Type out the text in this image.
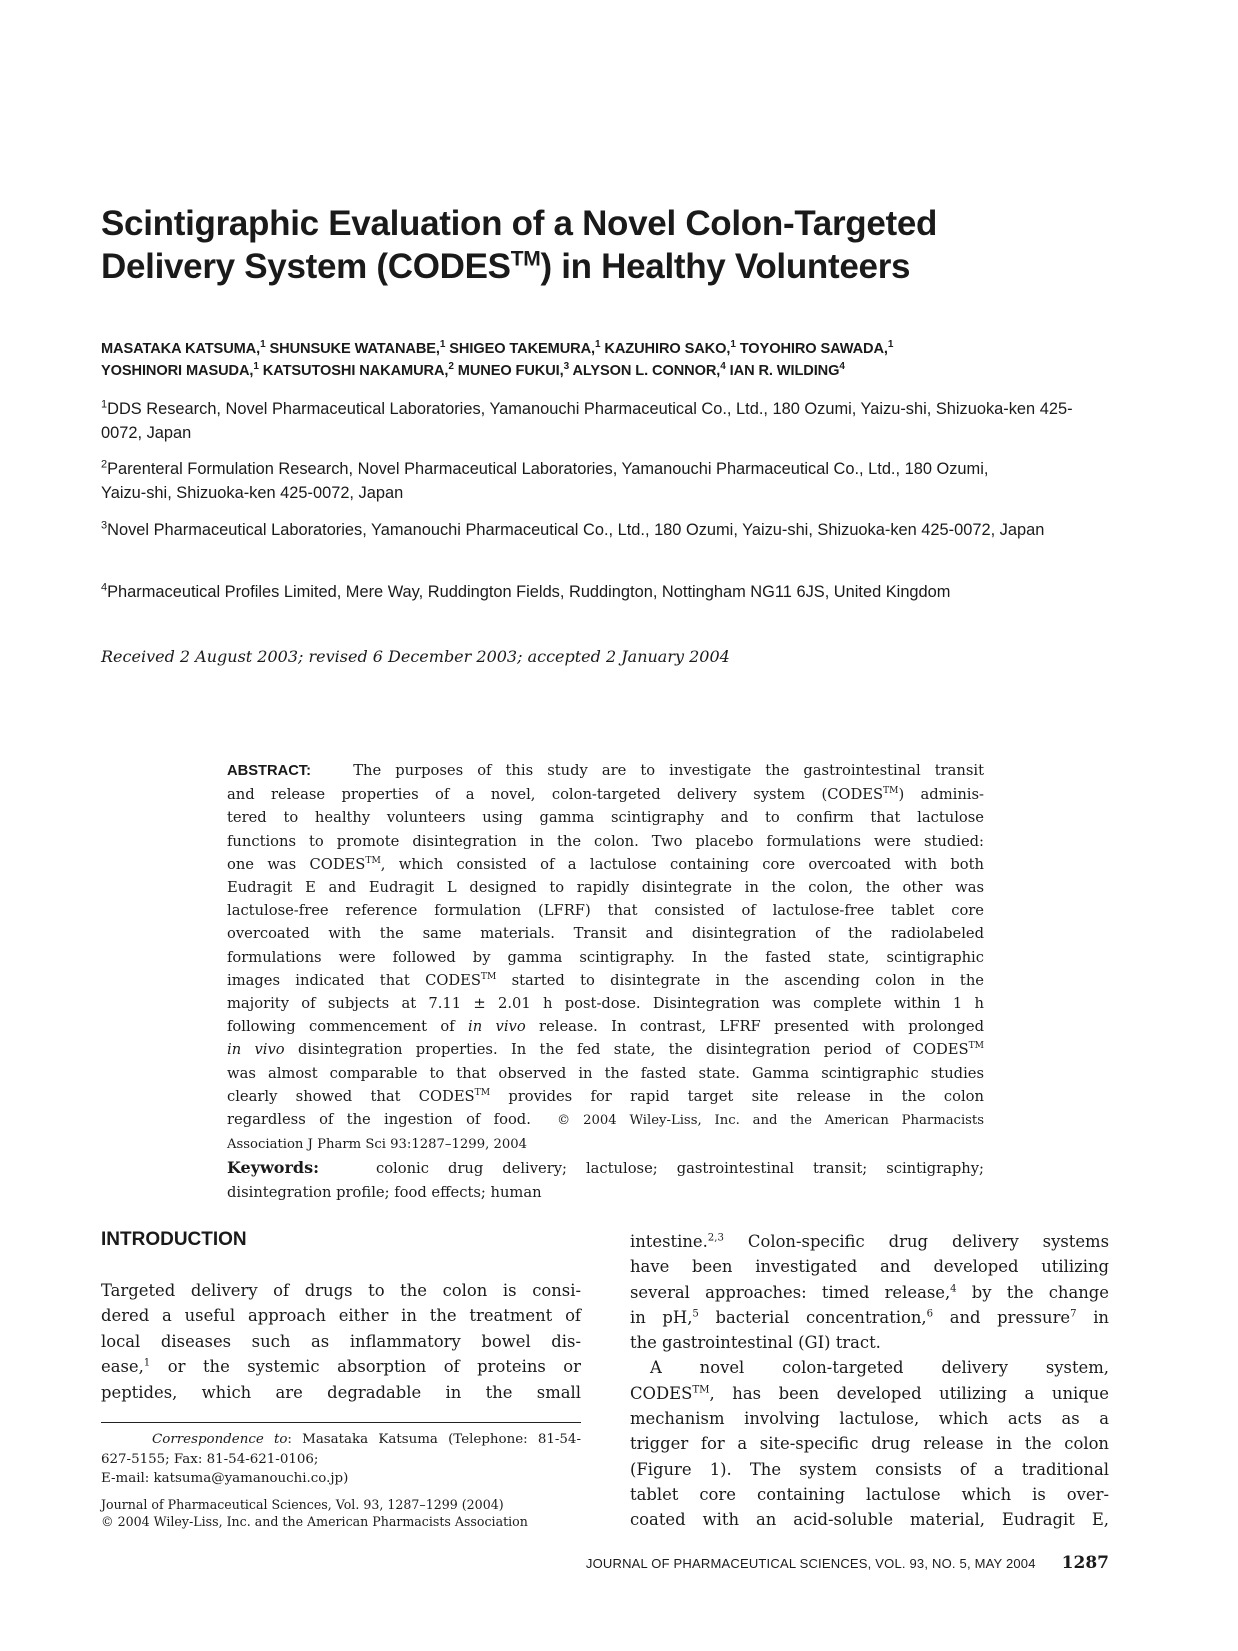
Scintigraphic Evaluation of a Novel Colon-Targeted
Delivery System (CODES™) in Healthy Volunteers
MASATAKA KATSUMA,$^1$ SHUNSUKE WATANABE,$^1$ SHIGEO TAKEMURA,$^1$ KAZUHIRO SAKO,$^1$ TOYOHIRO SAWADA,$^1$
YOSHINORI MASUDA,$^1$ KATSUTOSHI NAKAMURA,$^2$ MUNEO FUKUI,$^3$ ALYSON L. CONNOR,$^4$ IAN R. WILDING$^4$
$^1$DDS Research, Novel Pharmaceutical Laboratories, Yamanouchi Pharmaceutical Co., Ltd., 180 Ozumi, Yaizu-shi, Shizuoka-ken 425-0072, Japan
$^2$Parenteral Formulation Research, Novel Pharmaceutical Laboratories, Yamanouchi Pharmaceutical Co., Ltd., 180 Ozumi, Yaizu-shi, Shizuoka-ken 425-0072, Japan
$^3$Novel Pharmaceutical Laboratories, Yamanouchi Pharmaceutical Co., Ltd., 180 Ozumi, Yaizu-shi, Shizuoka-ken 425-0072, Japan
$^4$Pharmaceutical Profiles Limited, Mere Way, Ruddington Fields, Ruddington, Nottingham NG11 6JS, United Kingdom
Received 2 August 2003; revised 6 December 2003; accepted 2 January 2004
ABSTRACT:   The purposes of this study are to investigate the gastrointestinal transit
and release properties of a novel, colon-targeted delivery system (CODES™) adminis-
tered to healthy volunteers using gamma scintigraphy and to confirm that lactulose
functions to promote disintegration in the colon. Two placebo formulations were studied:
one was CODES™, which consisted of a lactulose containing core overcoated with both
Eudragit E and Eudragit L designed to rapidly disintegrate in the colon, the other was
lactulose-free reference formulation (LFRF) that consisted of lactulose-free tablet core
overcoated with the same materials. Transit and disintegration of the radiolabeled
formulations were followed by gamma scintigraphy. In the fasted state, scintigraphic
images indicated that CODES™ started to disintegrate in the ascending colon in the
majority of subjects at 7.11 ± 2.01 h post-dose. Disintegration was complete within 1 h
following commencement of in vivo release. In contrast, LFRF presented with prolonged
in vivo disintegration properties. In the fed state, the disintegration period of CODES™
was almost comparable to that observed in the fasted state. Gamma scintigraphic studies
clearly showed that CODES™ provides for rapid target site release in the colon
regardless of the ingestion of food.  © 2004 Wiley-Liss, Inc. and the American Pharmacists
Association J Pharm Sci 93:1287–1299, 2004
Keywords:   colonic drug delivery; lactulose; gastrointestinal transit; scintigraphy;
disintegration profile; food effects; human
INTRODUCTION
Targeted delivery of drugs to the colon is consi-
dered a useful approach either in the treatment of
local diseases such as inflammatory bowel dis-
ease,$^1$ or the systemic absorption of proteins or
peptides, which are degradable in the small
intestine.$^{2,3}$ Colon-specific drug delivery systems
have been investigated and developed utilizing
several approaches: timed release,$^4$ by the change
in pH,$^5$ bacterial concentration,$^6$ and pressure$^7$ in
the gastrointestinal (GI) tract.
A novel colon-targeted delivery system,
CODES™, has been developed utilizing a unique
mechanism involving lactulose, which acts as a
trigger for a site-specific drug release in the colon
(Figure 1). The system consists of a traditional
tablet core containing lactulose which is over-
coated with an acid-soluble material, Eudragit E,
Correspondence to: Masataka Katsuma (Telephone: 81-54-
627-5155; Fax: 81-54-621-0106;
E-mail: katsuma@yamanouchi.co.jp)
Journal of Pharmaceutical Sciences, Vol. 93, 1287–1299 (2004)
© 2004 Wiley-Liss, Inc. and the American Pharmacists Association
JOURNAL OF PHARMACEUTICAL SCIENCES, VOL. 93, NO. 5, MAY 2004 1287
